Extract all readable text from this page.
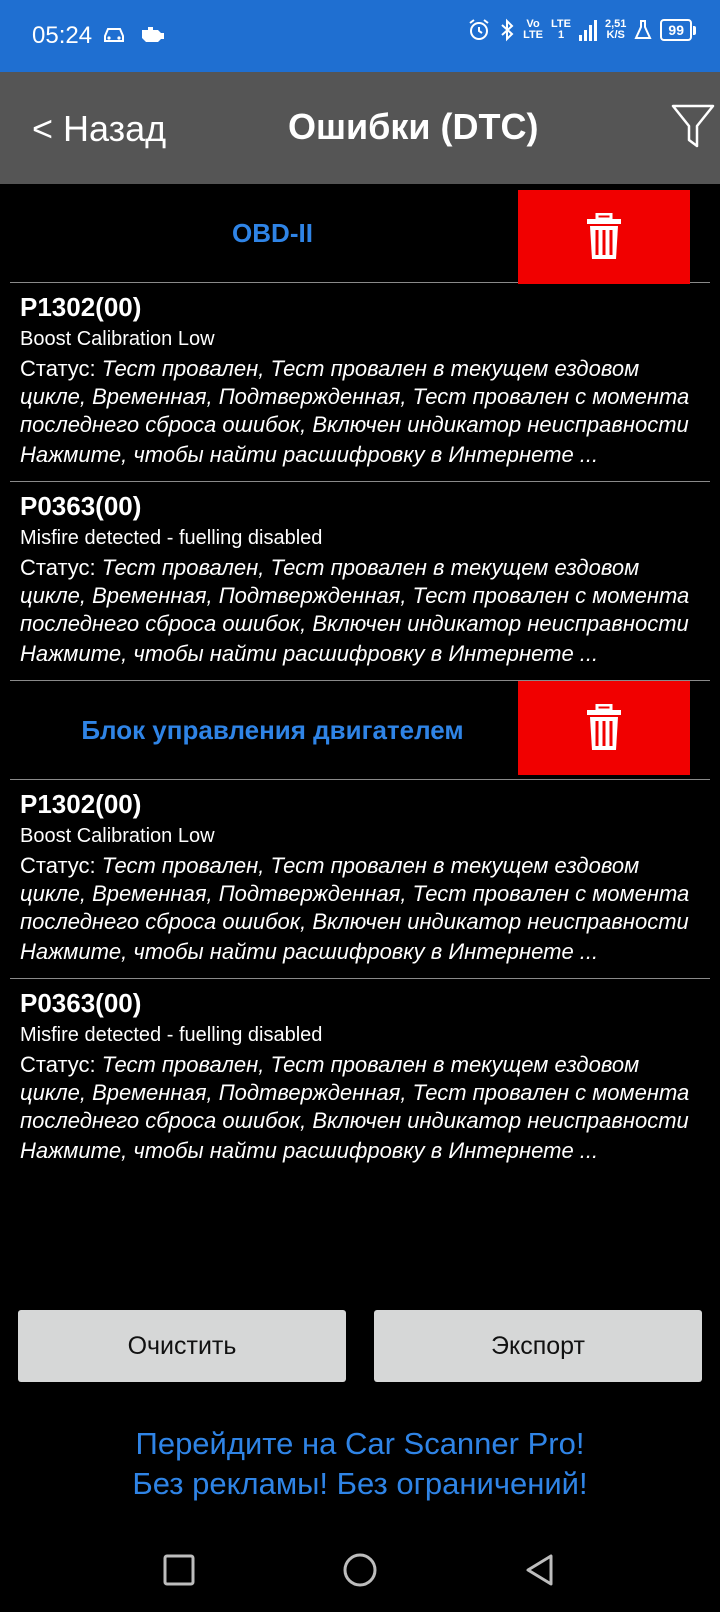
05:24	Vo
LTE
LTE
1
2,51
K/S	99
< Назад	Ошибки (DTC)
OBD-II
P1302(00)
Boost Calibration Low
Статус: Тест провален, Тест провален в текущем ездовом цикле, Временная, Подтвержденная, Тест провален с момента последнего сброса ошибок, Включен индикатор неисправности
Нажмите, чтобы найти расшифровку в Интернете ...
P0363(00)
Misfire detected - fuelling disabled
Статус: Тест провален, Тест провален в текущем ездовом цикле, Временная, Подтвержденная, Тест провален с момента последнего сброса ошибок, Включен индикатор неисправности
Нажмите, чтобы найти расшифровку в Интернете ...
Блок управления двигателем
P1302(00)
Boost Calibration Low
Статус: Тест провален, Тест провален в текущем ездовом цикле, Временная, Подтвержденная, Тест провален с момента последнего сброса ошибок, Включен индикатор неисправности
Нажмите, чтобы найти расшифровку в Интернете ...
P0363(00)
Misfire detected - fuelling disabled
Статус: Тест провален, Тест провален в текущем ездовом цикле, Временная, Подтвержденная, Тест провален с момента последнего сброса ошибок, Включен индикатор неисправности
Нажмите, чтобы найти расшифровку в Интернете ...
Очистить	Экспорт
Перейдите на Car Scanner Pro!
Без рекламы! Без ограничений!
